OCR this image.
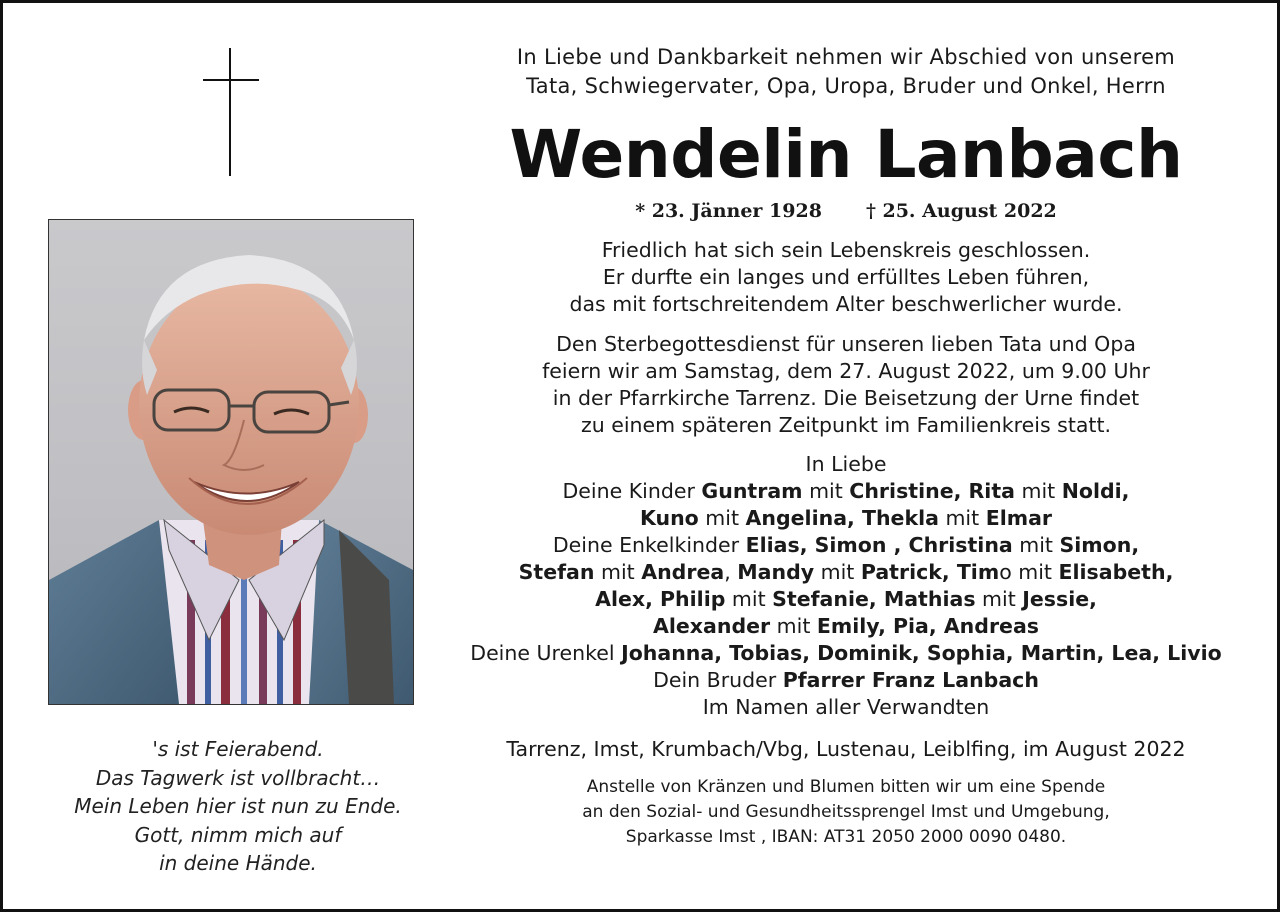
's ist Feierabend.
Das Tagwerk ist vollbracht…
Mein Leben hier ist nun zu Ende.
Gott, nimm mich auf
in deine Hände.
In Liebe und Dankbarkeit nehmen wir Abschied von unserem
Tata, Schwiegervater, Opa, Uropa, Bruder und Onkel, Herrn
Wendelin Lanbach
* 23. Jänner 1928 † 25. August 2022
Friedlich hat sich sein Lebenskreis geschlossen.
Er durfte ein langes und erfülltes Leben führen,
das mit fortschreitendem Alter beschwerlicher wurde.
Den Sterbegottesdienst für unseren lieben Tata und Opa
feiern wir am Samstag, dem 27. August 2022, um 9.00 Uhr
in der Pfarrkirche Tarrenz. Die Beisetzung der Urne findet
zu einem späteren Zeitpunkt im Familienkreis statt.
In Liebe
Deine Kinder Guntram mit Christine, Rita mit Noldi,
Kuno mit Angelina, Thekla mit Elmar
Deine Enkelkinder Elias, Simon , Christina mit Simon,
Stefan mit Andrea, Mandy mit Patrick, Timo mit Elisabeth,
Alex, Philip mit Stefanie, Mathias mit Jessie,
Alexander mit Emily, Pia, Andreas
Deine Urenkel Johanna, Tobias, Dominik, Sophia, Martin, Lea, Livio
Dein Bruder Pfarrer Franz Lanbach
Im Namen aller Verwandten
Tarrenz, Imst, Krumbach/Vbg, Lustenau, Leiblfing, im August 2022
Anstelle von Kränzen und Blumen bitten wir um eine Spende
an den Sozial- und Gesundheitssprengel Imst und Umgebung,
Sparkasse Imst , IBAN: AT31 2050 2000 0090 0480.
